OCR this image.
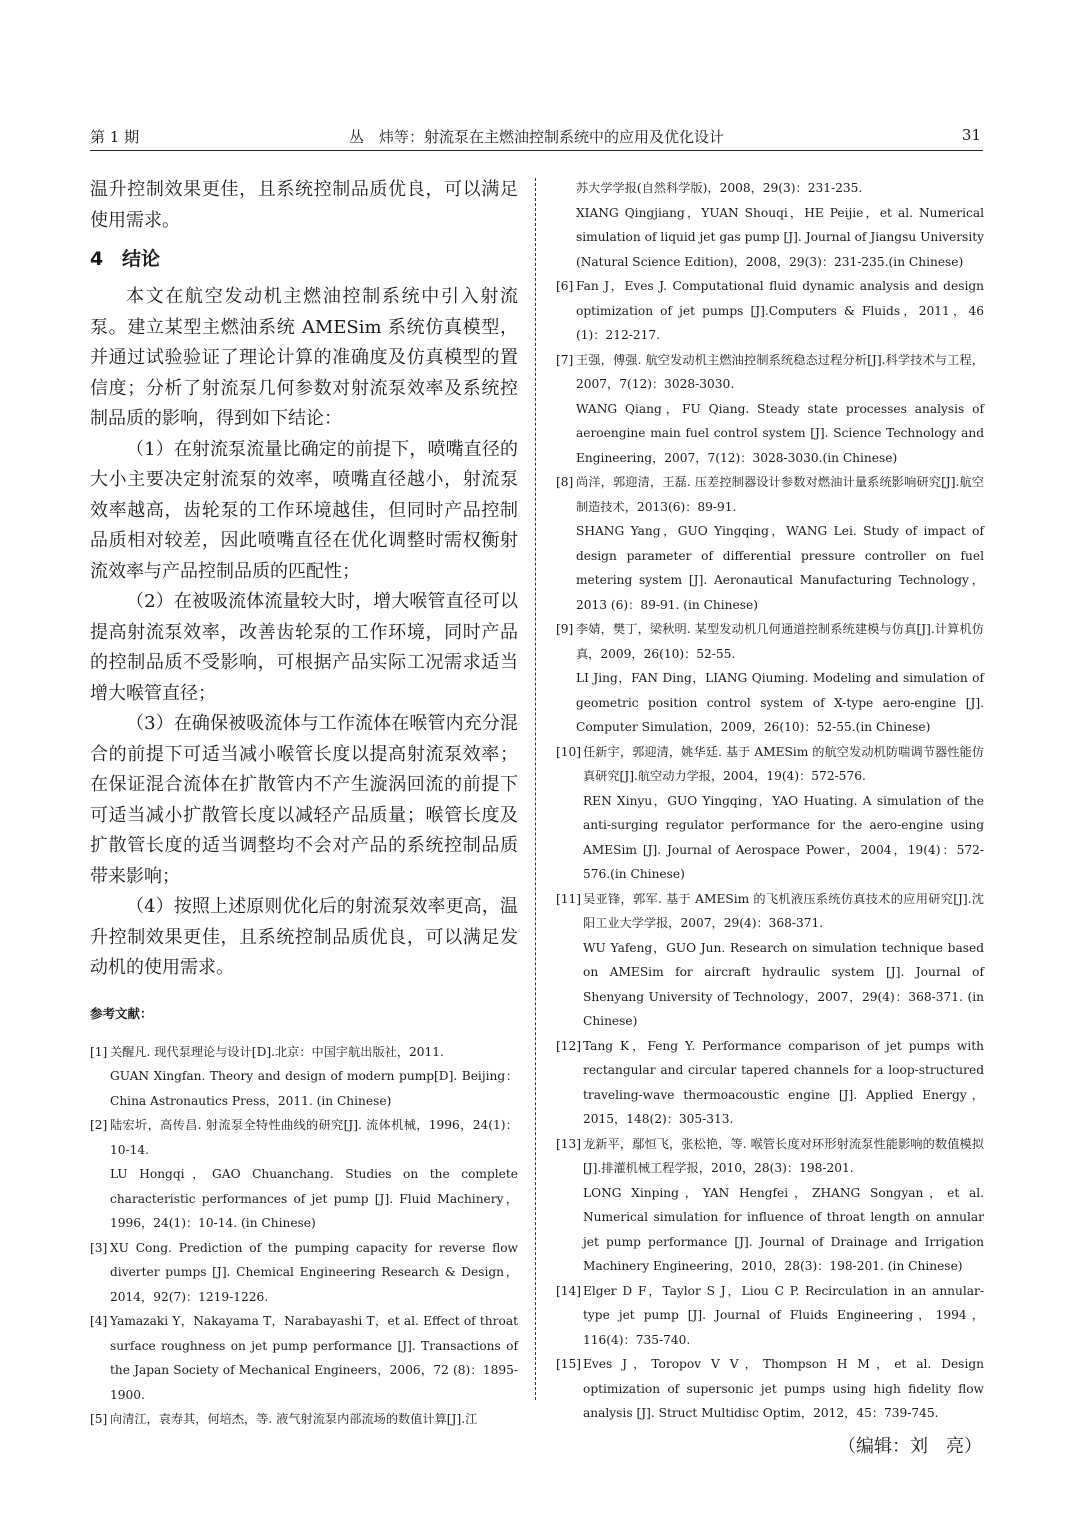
第 1 期	丛　炜等：射流泵在主燃油控制系统中的应用及优化设计	31

温升控制效果更佳，且系统控制品质优良，可以满足使用需求。

4 结论

本文在航空发动机主燃油控制系统中引入射流泵。建立某型主燃油系统 AMESim 系统仿真模型，并通过试验验证了理论计算的准确度及仿真模型的置信度；分析了射流泵几何参数对射流泵效率及系统控制品质的影响，得到如下结论：

（1）在射流泵流量比确定的前提下，喷嘴直径的大小主要决定射流泵的效率，喷嘴直径越小，射流泵效率越高，齿轮泵的工作环境越佳，但同时产品控制品质相对较差，因此喷嘴直径在优化调整时需权衡射流效率与产品控制品质的匹配性；

（2）在被吸流体流量较大时，增大喉管直径可以提高射流泵效率，改善齿轮泵的工作环境，同时产品的控制品质不受影响，可根据产品实际工况需求适当增大喉管直径；

（3）在确保被吸流体与工作流体在喉管内充分混合的前提下可适当减小喉管长度以提高射流泵效率；在保证混合流体在扩散管内不产生漩涡回流的前提下可适当减小扩散管长度以减轻产品质量；喉管长度及扩散管长度的适当调整均不会对产品的系统控制品质带来影响；

（4）按照上述原则优化后的射流泵效率更高，温升控制效果更佳，且系统控制品质优良，可以满足发动机的使用需求。

参考文献：
[1] 关醒凡. 现代泵理论与设计[D].北京：中国宇航出版社，2011.
GUAN Xingfan. Theory and design of modern pump[D]. Beijing：China Astronautics Press，2011. (in Chinese)
[2] 陆宏圻，高传昌. 射流泵全特性曲线的研究[J]. 流体机械，1996，24(1)：10-14.
LU Hongqi，GAO Chuanchang. Studies on the complete characteristic performances of jet pump [J]. Fluid Machinery，1996，24(1)：10-14. (in Chinese)
[3] XU Cong. Prediction of the pumping capacity for reverse flow diverter pumps [J]. Chemical Engineering Research & Design，2014，92(7)：1219-1226.
[4] Yamazaki Y，Nakayama T，Narabayashi T，et al. Effect of throat surface roughness on jet pump performance [J]. Transactions of the Japan Society of Mechanical Engineers，2006，72 (8)：1895-1900.
[5] 向清江，袁寿其，何培杰，等. 液气射流泵内部流场的数值计算[J].江
苏大学学报(自然科学版)，2008，29(3)：231-235.
XIANG Qingjiang，YUAN Shouqi，HE Peijie，et al. Numerical simulation of liquid jet gas pump [J]. Journal of Jiangsu University (Natural Science Edition)，2008，29(3)：231-235.(in Chinese)
[6] Fan J，Eves J. Computational fluid dynamic analysis and design optimization of jet pumps [J].Computers & Fluids，2011，46 (1)：212-217.
[7] 王强，傅强. 航空发动机主燃油控制系统稳态过程分析[J].科学技术与工程，2007，7(12)：3028-3030.
WANG Qiang，FU Qiang. Steady state processes analysis of aeroengine main fuel control system [J]. Science Technology and Engineering，2007，7(12)：3028-3030.(in Chinese)
[8] 尚洋，郭迎清，王磊. 压差控制器设计参数对燃油计量系统影响研究[J].航空制造技术，2013(6)：89-91.
SHANG Yang，GUO Yingqing，WANG Lei. Study of impact of design parameter of differential pressure controller on fuel metering system [J]. Aeronautical Manufacturing Technology，2013 (6)：89-91. (in Chinese)
[9] 李婧，樊丁，梁秋明. 某型发动机几何通道控制系统建模与仿真[J].计算机仿真，2009，26(10)：52-55.
LI Jing，FAN Ding，LIANG Qiuming. Modeling and simulation of geometric position control system of X-type aero-engine [J]. Computer Simulation，2009，26(10)：52-55.(in Chinese)
[10] 任新宇，郭迎清，姚华廷. 基于 AMESim 的航空发动机防喘调节器性能仿真研究[J].航空动力学报，2004，19(4)：572-576.
REN Xinyu，GUO Yingqing，YAO Huating. A simulation of the anti-surging regulator performance for the aero-engine using AMESim [J]. Journal of Aerospace Power，2004，19(4)：572-576.(in Chinese)
[11] 吴亚锋，郭军. 基于 AMESim 的飞机液压系统仿真技术的应用研究[J].沈阳工业大学学报，2007，29(4)：368-371.
WU Yafeng，GUO Jun. Research on simulation technique based on AMESim for aircraft hydraulic system [J]. Journal of Shenyang University of Technology，2007，29(4)：368-371. (in Chinese)
[12] Tang K，Feng Y. Performance comparison of jet pumps with rectangular and circular tapered channels for a loop-structured traveling-wave thermoacoustic engine [J]. Applied Energy，2015，148(2)：305-313.
[13] 龙新平，鄢恒飞，张松艳，等. 喉管长度对环形射流泵性能影响的数值模拟[J].排灌机械工程学报，2010，28(3)：198-201.
LONG Xinping，YAN Hengfei，ZHANG Songyan，et al. Numerical simulation for influence of throat length on annular jet pump performance [J]. Journal of Drainage and Irrigation Machinery Engineering，2010，28(3)：198-201. (in Chinese)
[14] Elger D F，Taylor S J，Liou C P. Recirculation in an annular-type jet pump [J]. Journal of Fluids Engineering，1994，116(4)：735-740.
[15] Eves J，Toropov V V，Thompson H M，et al. Design optimization of supersonic jet pumps using high fidelity flow analysis [J]. Struct Multidisc Optim，2012，45：739-745.
（编辑：刘　亮）
